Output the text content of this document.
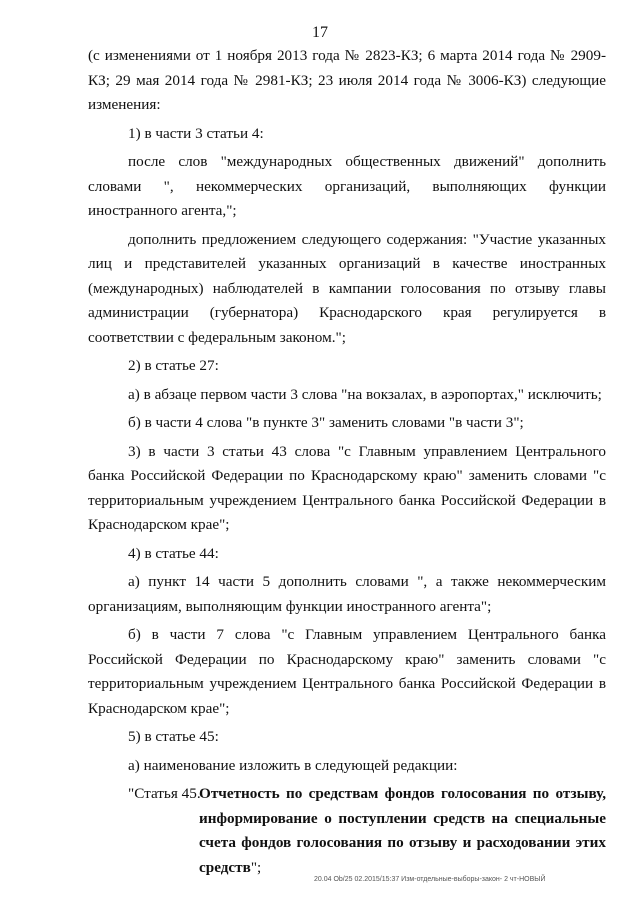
17

(с изменениями от 1 ноября 2013 года № 2823-КЗ; 6 марта 2014 года № 2909-КЗ; 29 мая 2014 года № 2981-КЗ; 23 июля 2014 года № 3006-КЗ) следующие изменения:

1) в части 3 статьи 4:

после слов "международных общественных движений" дополнить словами ", некоммерческих организаций, выполняющих функции иностранного агента,";

дополнить предложением следующего содержания: "Участие указанных лиц и представителей указанных организаций в качестве иностранных (международных) наблюдателей в кампании голосования по отзыву главы администрации (губернатора) Краснодарского края регулируется в соответствии с федеральным законом.";

2) в статье 27:

а) в абзаце первом части 3 слова "на вокзалах, в аэропортах," исключить;

б) в части 4 слова "в пункте 3" заменить словами "в части 3";

3) в части 3 статьи 43 слова "с Главным управлением Центрального банка Российской Федерации по Краснодарскому краю" заменить словами "с территориальным учреждением Центрального банка Российской Федерации в Краснодарском крае";

4) в статье 44:

а) пункт 14 части 5 дополнить словами ", а также некоммерческим организациям, выполняющим функции иностранного агента";

б) в части 7 слова "с Главным управлением Центрального банка Российской Федерации по Краснодарскому краю" заменить словами "с территориальным учреждением Центрального банка Российской Федерации в Краснодарском крае";

5) в статье 45:

а) наименование изложить в следующей редакции:

"Статья 45.
Отчетность по средствам фондов голосования по отзыву,
информирование о поступлении средств на специальные
счета фондов голосования по отзыву и расходовании этих
средств";
20.04 Ob/25 02.2015/15:37 Изм-отдельные-выборы-закон- 2 чт-НОВЫЙ
